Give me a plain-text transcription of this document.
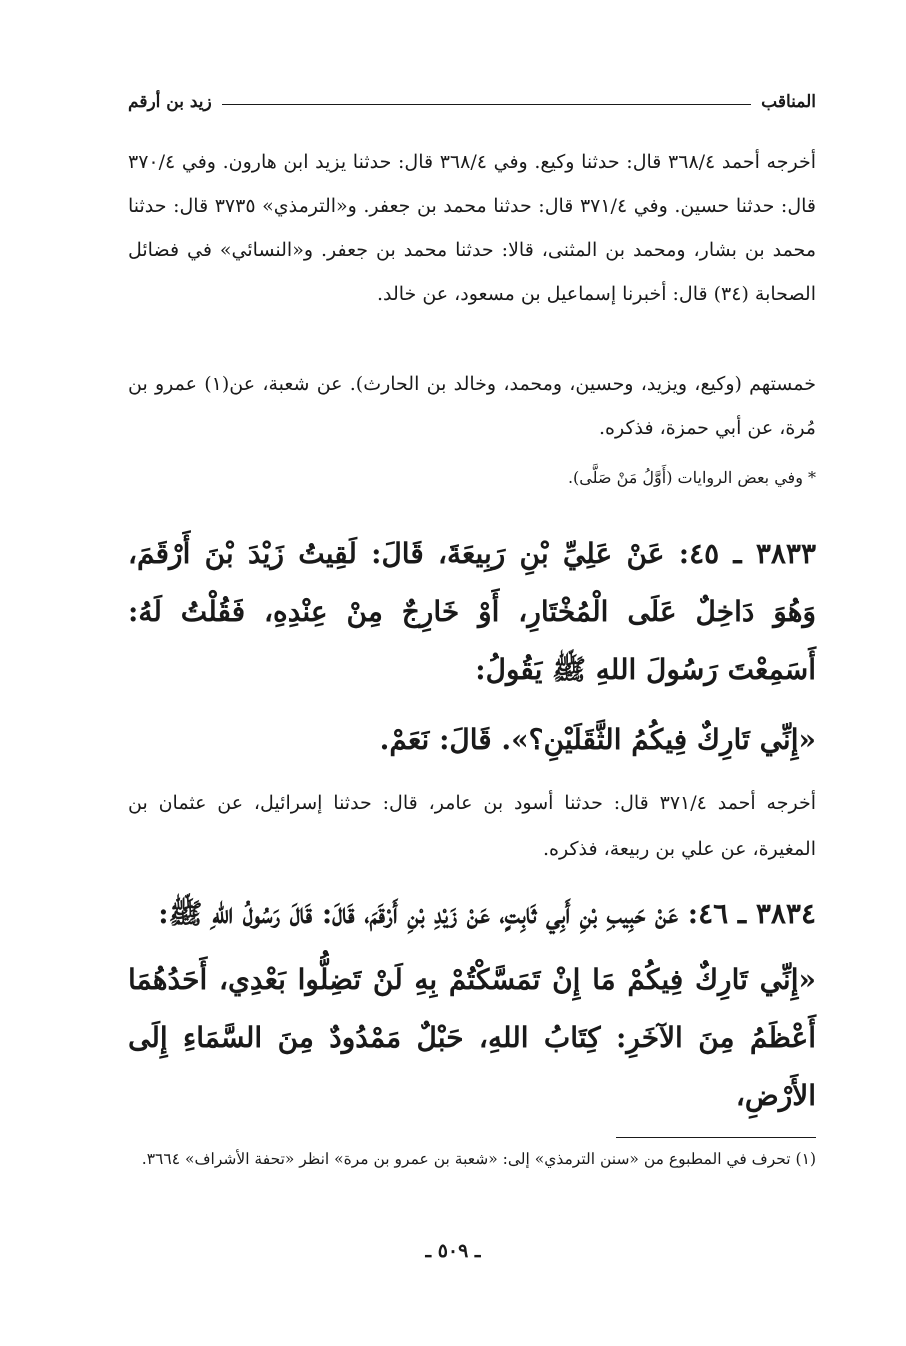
المناقب
زيد بن أرقم

أخرجه أحمد ٣٦٨/٤ قال: حدثنا وكيع. وفي ٣٦٨/٤ قال: حدثنا يزيد ابن هارون. وفي ٣٧٠/٤ قال: حدثنا حسين. وفي ٣٧١/٤ قال: حدثنا محمد بن جعفر. و«الترمذي» ٣٧٣٥ قال: حدثنا محمد بن بشار، ومحمد بن المثنى، قالا: حدثنا محمد بن جعفر. و«النسائي» في فضائل الصحابة (٣٤) قال: أخبرنا إسماعيل بن مسعود، عن خالد.

خمستهم (وكيع، ويزيد، وحسين، ومحمد، وخالد بن الحارث). عن شعبة، عن(١) عمرو بن مُرة، عن أبي حمزة، فذكره.

* وفي بعض الروايات (أَوَّلُ مَنْ صَلَّى).

٣٨٣٣ ـ ٤٥: عَنْ عَلِيِّ بْنِ رَبِيعَةَ، قَالَ: لَقِيتُ زَيْدَ بْنَ أَرْقَمَ، وَهُوَ دَاخِلٌ عَلَى الْمُخْتَارِ، أَوْ خَارِجٌ مِنْ عِنْدِهِ، فَقُلْتُ لَهُ: أَسَمِعْتَ رَسُولَ اللهِ ﷺ يَقُولُ:

«إِنِّي تَارِكٌ فِيكُمُ الثَّقَلَيْنِ؟». قَالَ: نَعَمْ.

أخرجه أحمد ٣٧١/٤ قال: حدثنا أسود بن عامر، قال: حدثنا إسرائيل، عن عثمان بن المغيرة، عن علي بن ربيعة، فذكره.

٣٨٣٤ ـ ٤٦: عَنْ حَبِيبِ بْنِ أَبِي ثَابِتٍ، عَنْ زَيْدِ بْنِ أَرْقَمَ، قَالَ: قَالَ رَسُولُ اللهِ ﷺ:

«إِنِّي تَارِكٌ فِيكُمْ مَا إِنْ تَمَسَّكْتُمْ بِهِ لَنْ تَضِلُّوا بَعْدِي، أَحَدُهُمَا أَعْظَمُ مِنَ الآخَرِ: كِتَابُ اللهِ، حَبْلٌ مَمْدُودٌ مِنَ السَّمَاءِ إِلَى الأَرْضِ،

(١) تحرف في المطبوع من «سنن الترمذي» إلى: «شعبة بن عمرو بن مرة» انظر «تحفة الأشراف» ٣٦٦٤.
ـ ٥٠٩ ـ
